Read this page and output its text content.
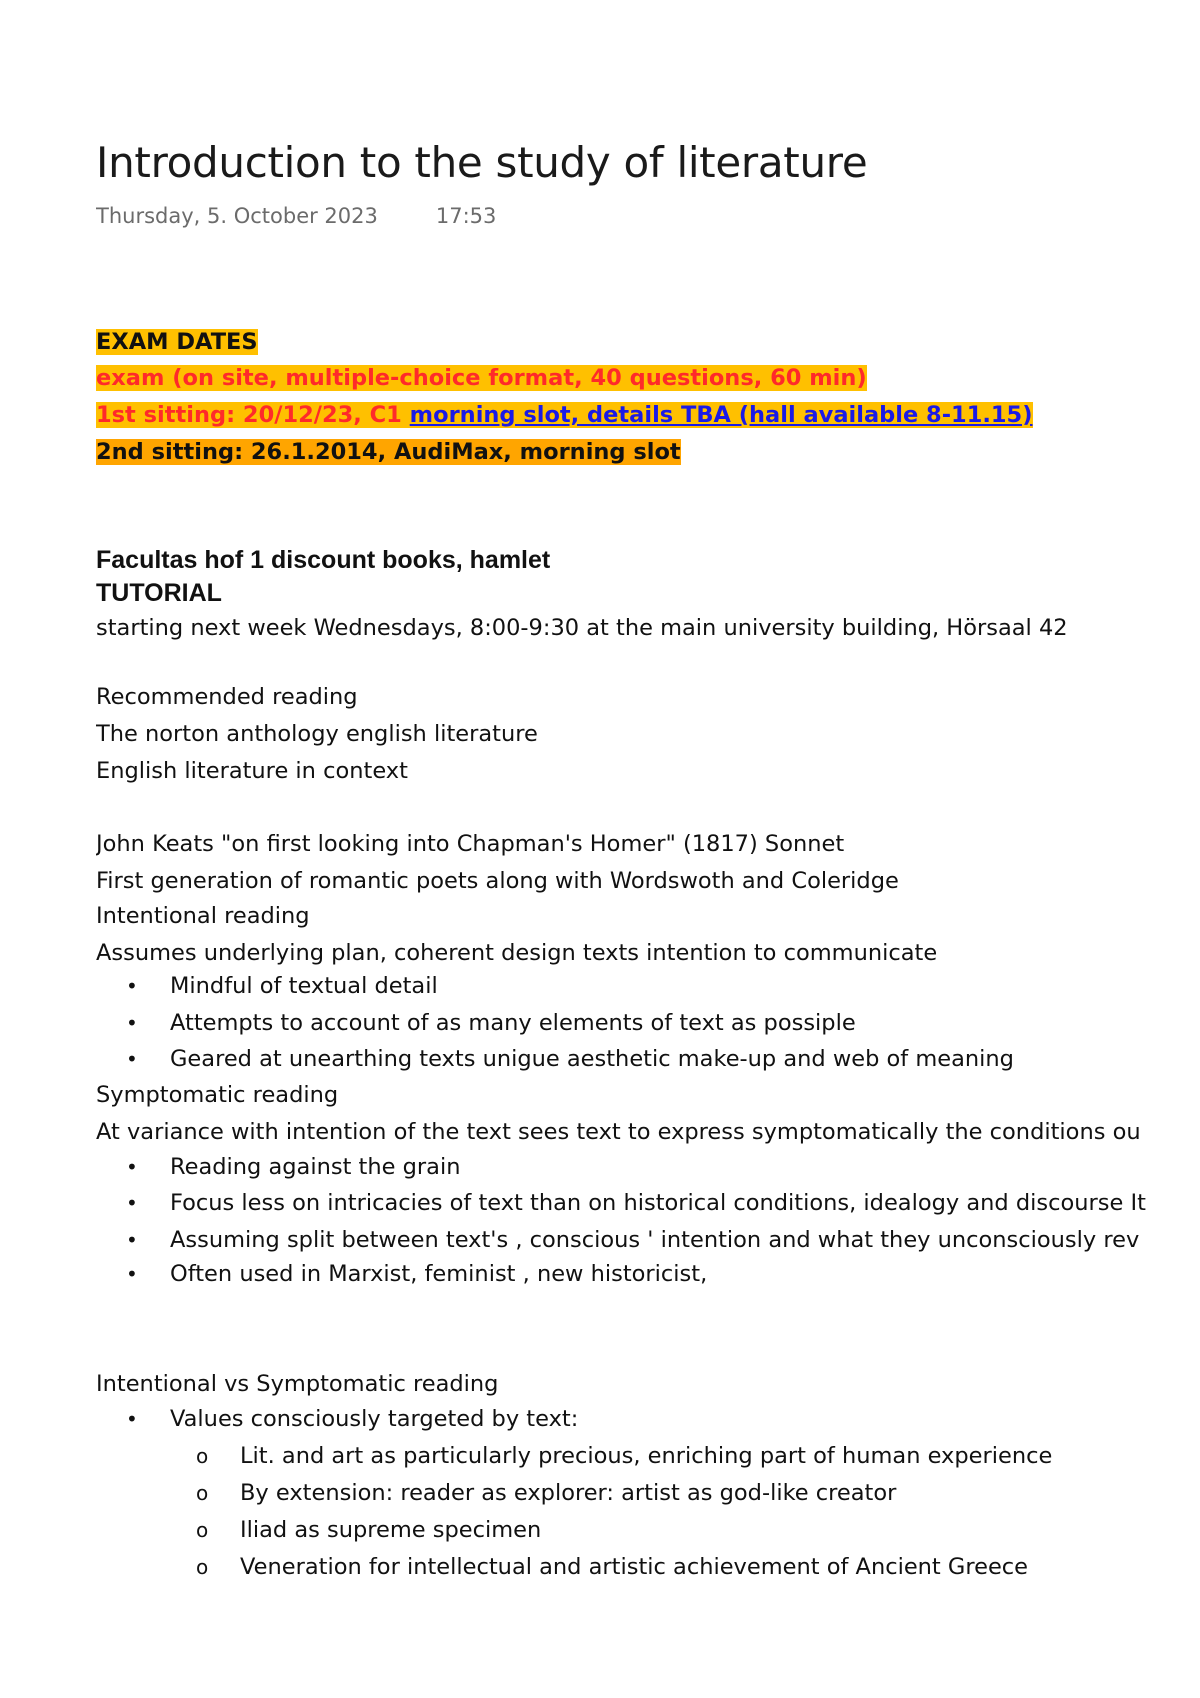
Introduction to the study of literature
Thursday, 5. October 2023	17:53
EXAM DATES
exam (on site, multiple-choice format, 40 questions, 60 min)
1st sitting: 20/12/23, C1 morning slot, details TBA (hall available 8-11.15)
2nd sitting: 26.1.2014, AudiMax, morning slot
Facultas hof 1 discount books, hamlet
TUTORIAL
starting next week Wednesdays, 8:00-9:30 at the main university building, Hörsaal 42
Recommended reading
The norton anthology english literature
English literature in context
John Keats "on first looking into Chapman's Homer" (1817) Sonnet
First generation of romantic poets along with Wordswoth and Coleridge
Intentional reading
Assumes underlying plan, coherent design texts intention to communicate
• Mindful of textual detail
• Attempts to account of as many elements of text as possiple
• Geared at unearthing texts unigue aesthetic make-up and web of meaning
Symptomatic reading
At variance with intention of the text sees text to express symptomatically the conditions ou
• Reading against the grain
• Focus less on intricacies of text than on historical conditions, idealogy and discourse It
• Assuming split between text's , conscious ' intention and what they unconsciously rev
• Often used in Marxist, feminist , new historicist,
Intentional vs Symptomatic reading
• Values consciously targeted by text:
o Lit. and art as particularly precious, enriching part of human experience
o By extension: reader as explorer: artist as god-like creator
o Iliad as supreme specimen
o Veneration for intellectual and artistic achievement of Ancient Greece
